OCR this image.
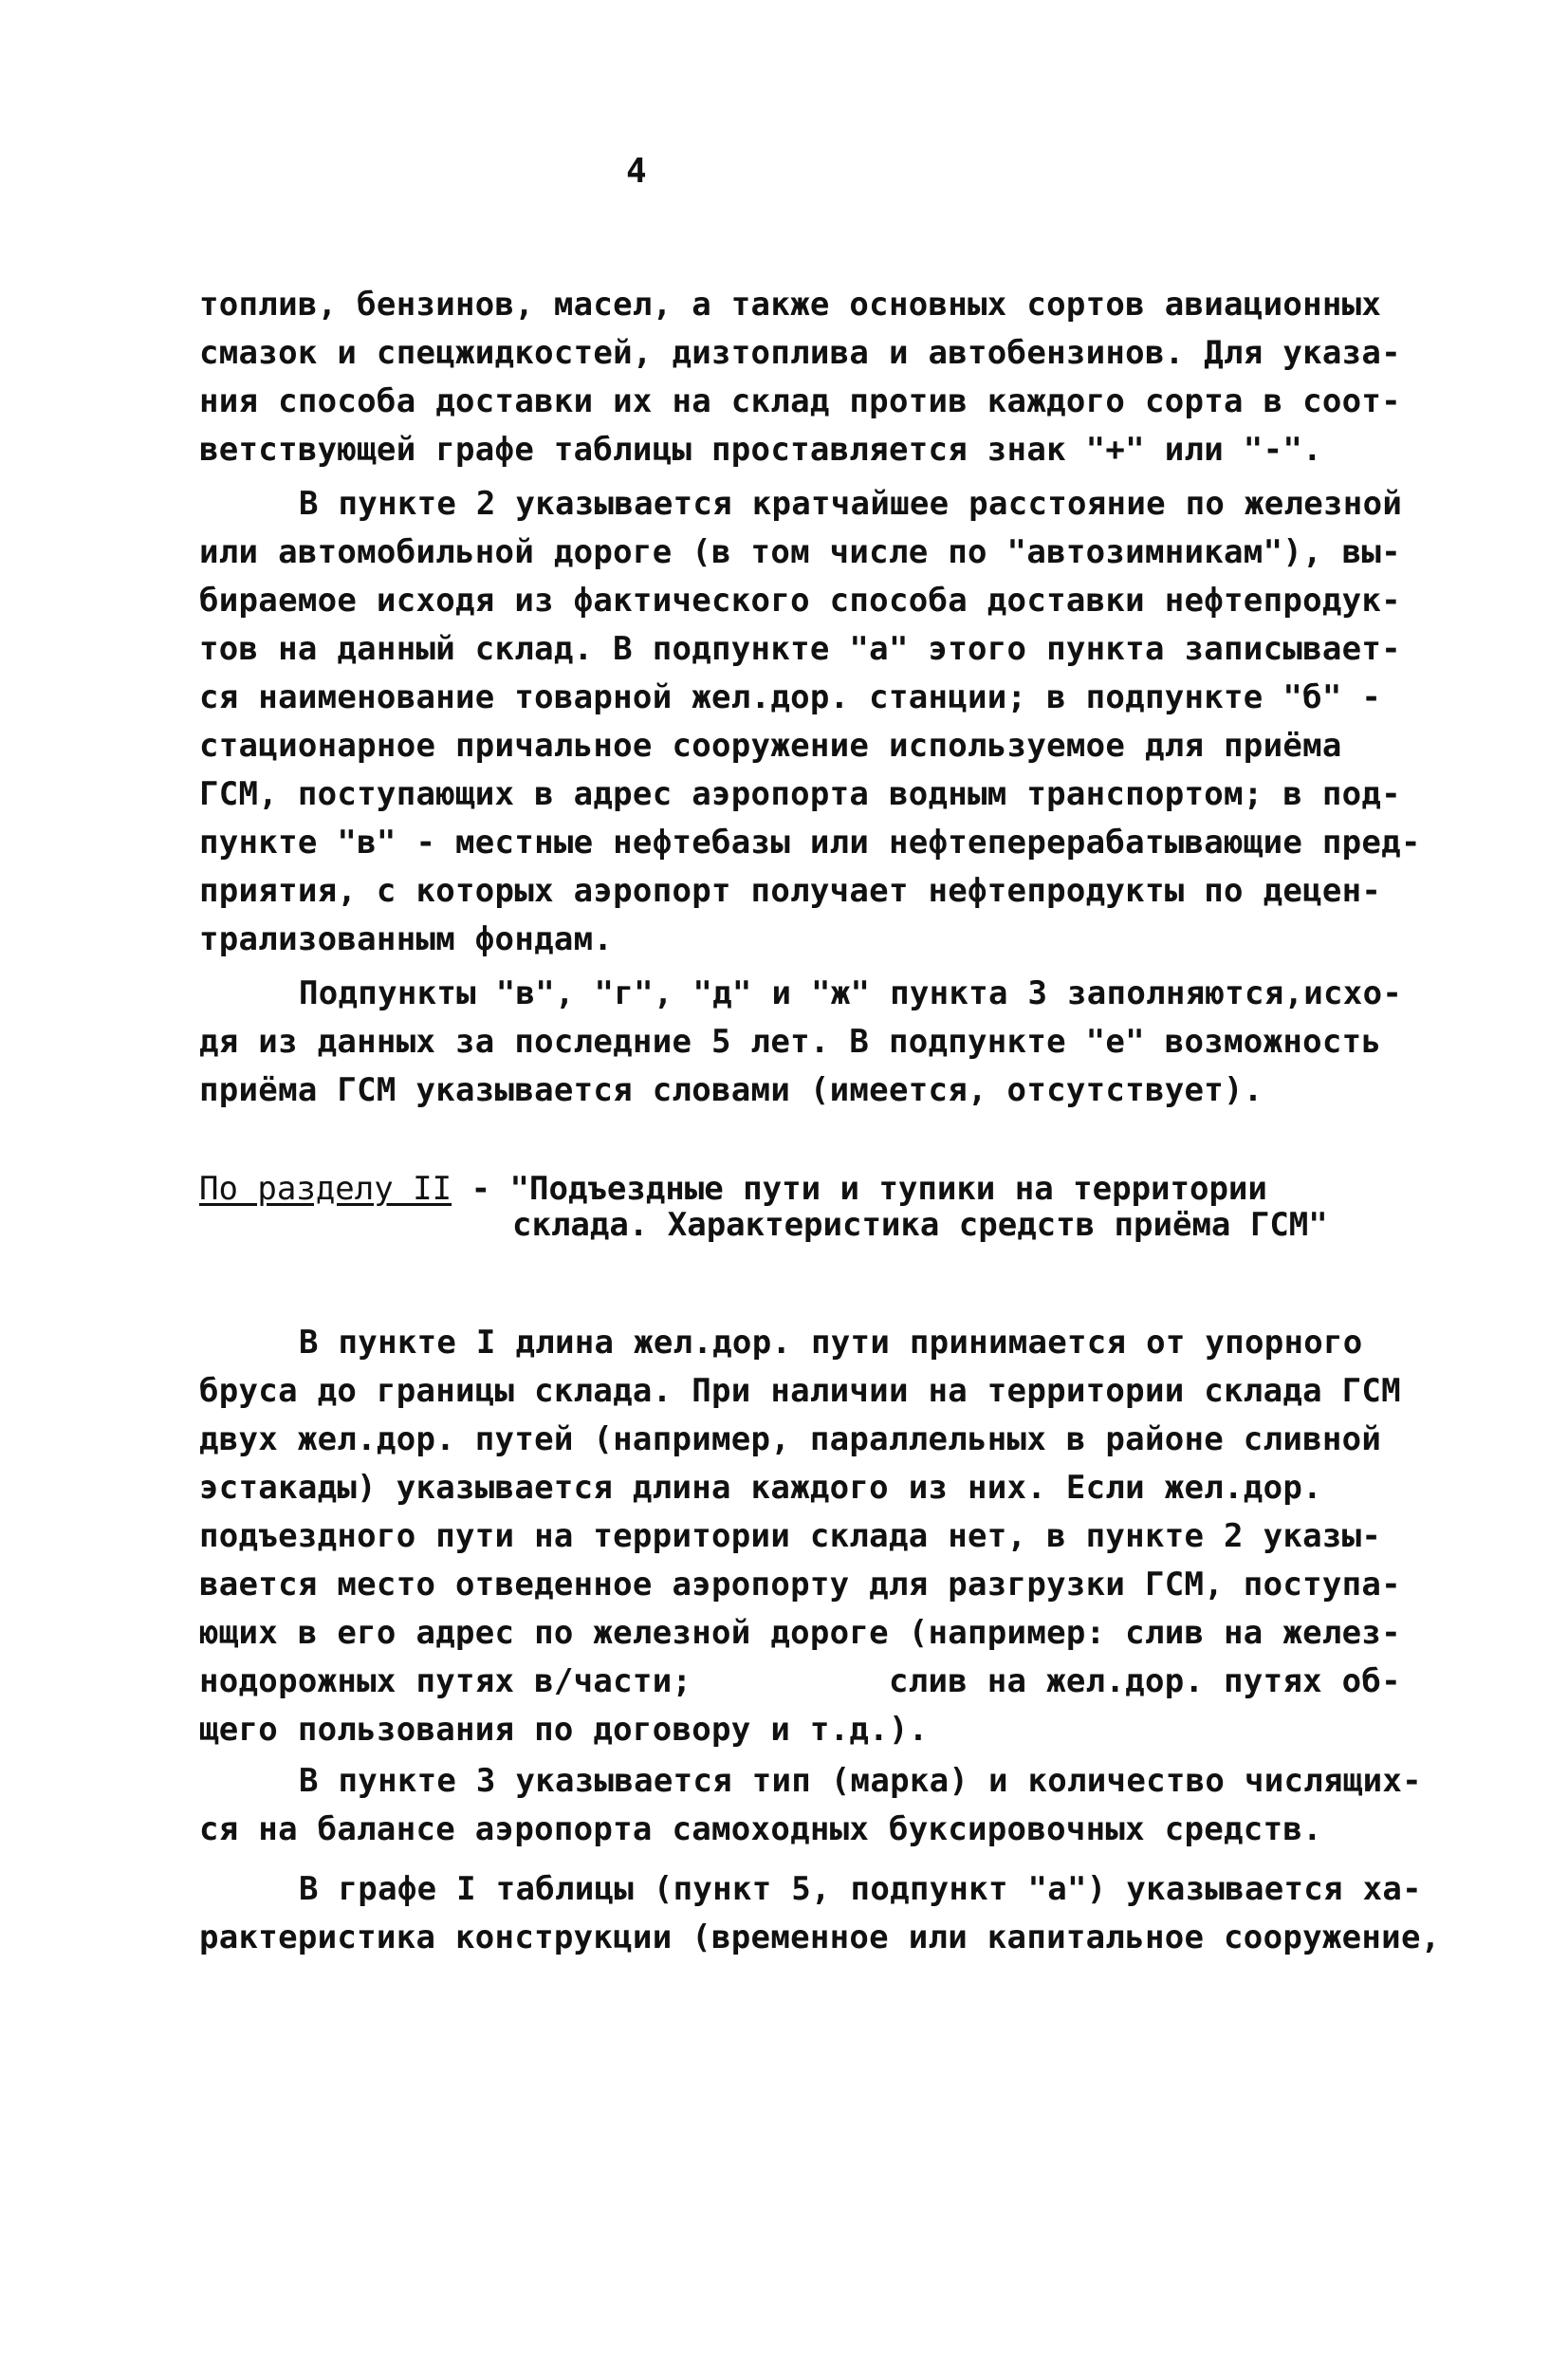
4
топлив, бензинов, масел, а также основных сортов авиационных
смазок и спецжидкостей, дизтоплива и автобензинов. Для указа-
ния способа доставки их на склад против каждого сорта в соот-
ветствующей графе таблицы проставляется знак "+" или "-".
В пункте 2 указывается кратчайшее расстояние по железной
или автомобильной дороге (в том числе по "автозимникам"), вы-
бираемое исходя из фактического способа доставки нефтепродук-
тов на данный склад. В подпункте "а" этого пункта записывает-
ся наименование товарной жел.дор. станции; в подпункте "б" -
стационарное причальное сооружение используемое для приёма
ГСМ, поступающих в адрес аэропорта водным транспортом; в под-
пункте "в" - местные нефтебазы или нефтеперерабатывающие пред-
приятия, с которых аэропорт получает нефтепродукты по децен-
трализованным фондам.
Подпункты "в", "г", "д" и "ж" пункта 3 заполняются,исхо-
дя из данных за последние 5 лет. В подпункте "е" возможность
приёма ГСМ указывается словами (имеется, отсутствует).
По разделу II - "Подъездные пути и тупики на территории
склада. Характеристика средств приёма ГСМ"
В пункте I длина жел.дор. пути принимается от упорного
бруса до границы склада. При наличии на территории склада ГСМ
двух жел.дор. путей (например, параллельных в районе сливной
эстакады) указывается длина каждого из них. Если жел.дор.
подъездного пути на территории склада нет, в пункте 2 указы-
вается место отведенное аэропорту для разгрузки ГСМ, поступа-
ющих в его адрес по железной дороге (например: слив на желез-
нодорожных путях в/части;          слив на жел.дор. путях об-
щего пользования по договору и т.д.).
В пункте 3 указывается тип (марка) и количество числящих-
ся на балансе аэропорта самоходных буксировочных средств.
В графе I таблицы (пункт 5, подпункт "а") указывается ха-
рактеристика конструкции (временное или капитальное сооружение,
